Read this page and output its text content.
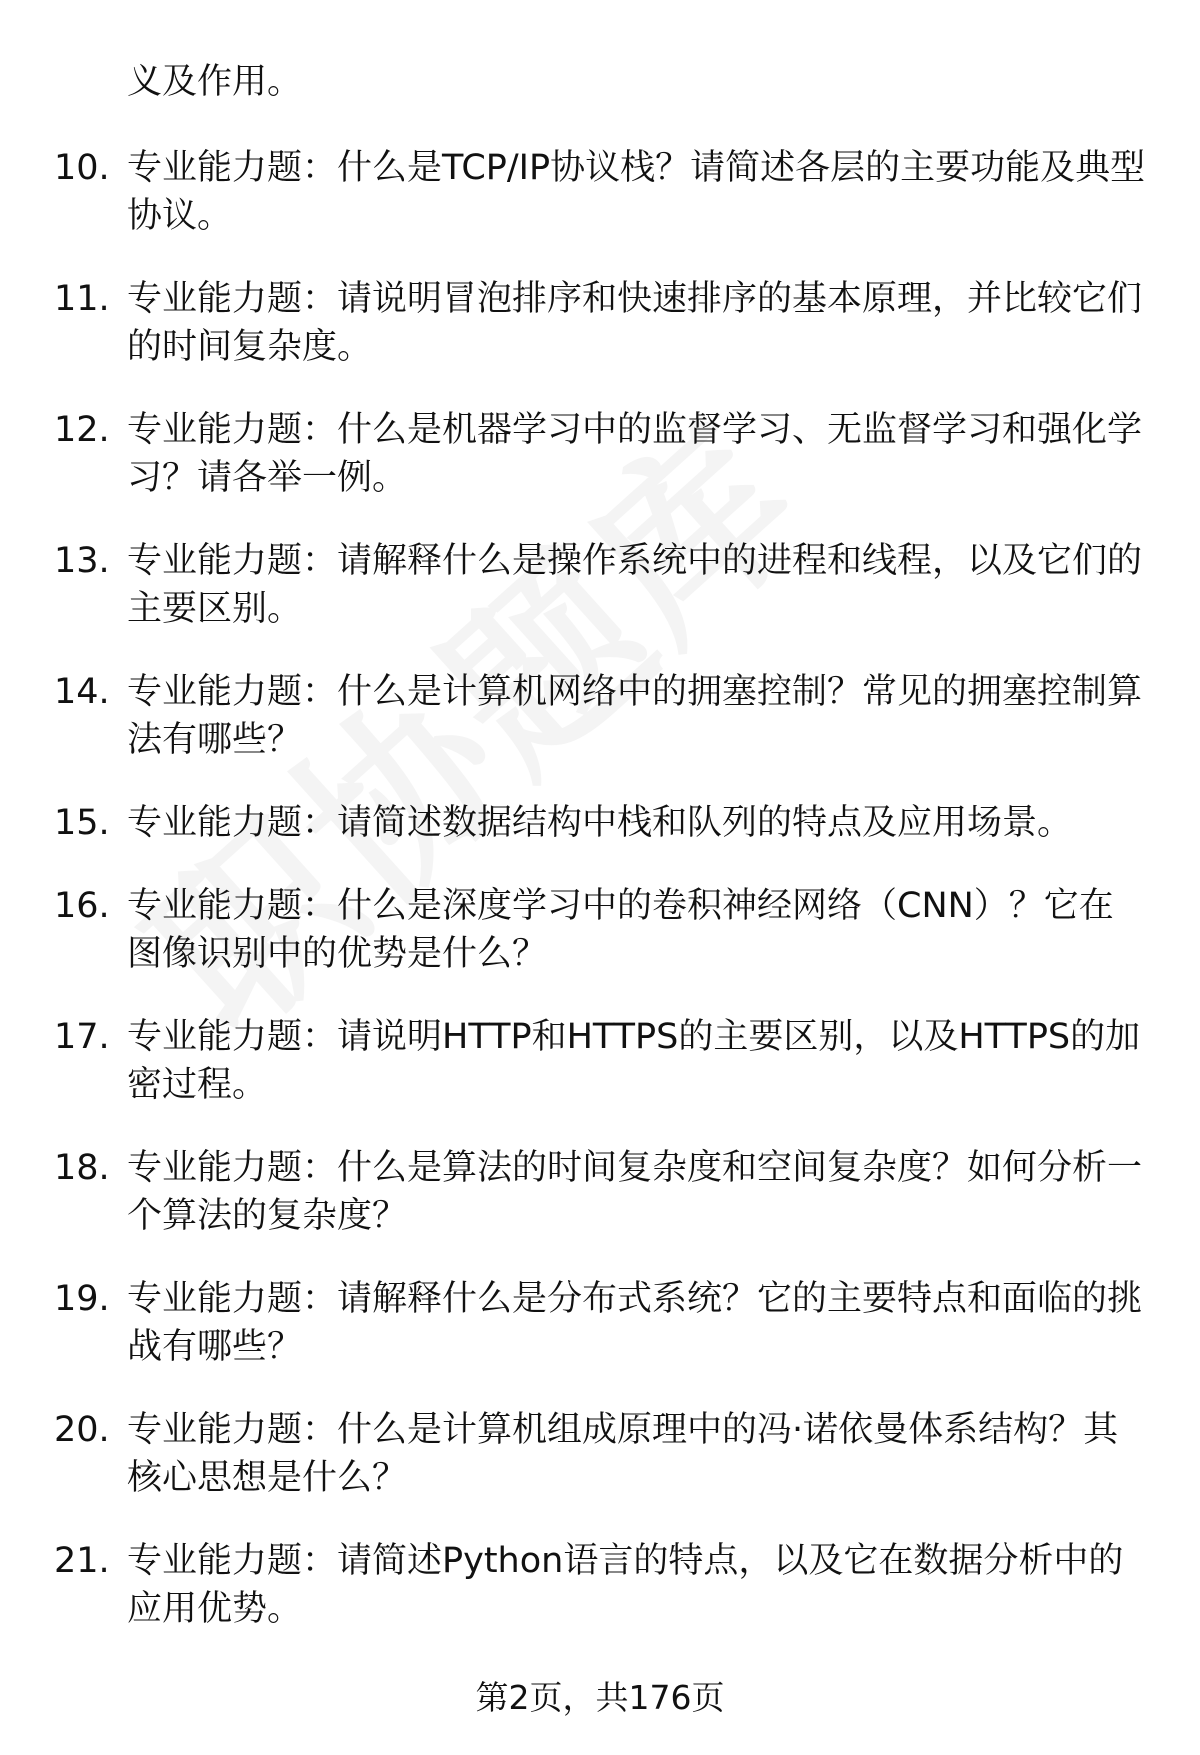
义及作用。

10. 专业能力题：什么是TCP/IP协议栈？请简述各层的主要功能及典型协议。
11. 专业能力题：请说明冒泡排序和快速排序的基本原理，并比较它们的时间复杂度。
12. 专业能力题：什么是机器学习中的监督学习、无监督学习和强化学习？请各举一例。
13. 专业能力题：请解释什么是操作系统中的进程和线程，以及它们的主要区别。
14. 专业能力题：什么是计算机网络中的拥塞控制？常见的拥塞控制算法有哪些？
15. 专业能力题：请简述数据结构中栈和队列的特点及应用场景。
16. 专业能力题：什么是深度学习中的卷积神经网络（CNN）？它在图像识别中的优势是什么？
17. 专业能力题：请说明HTTP和HTTPS的主要区别，以及HTTPS的加密过程。
18. 专业能力题：什么是算法的时间复杂度和空间复杂度？如何分析一个算法的复杂度？
19. 专业能力题：请解释什么是分布式系统？它的主要特点和面临的挑战有哪些？
20. 专业能力题：什么是计算机组成原理中的冯·诺依曼体系结构？其核心思想是什么？
21. 专业能力题：请简述Python语言的特点，以及它在数据分析中的应用优势。
第2页，共176页
